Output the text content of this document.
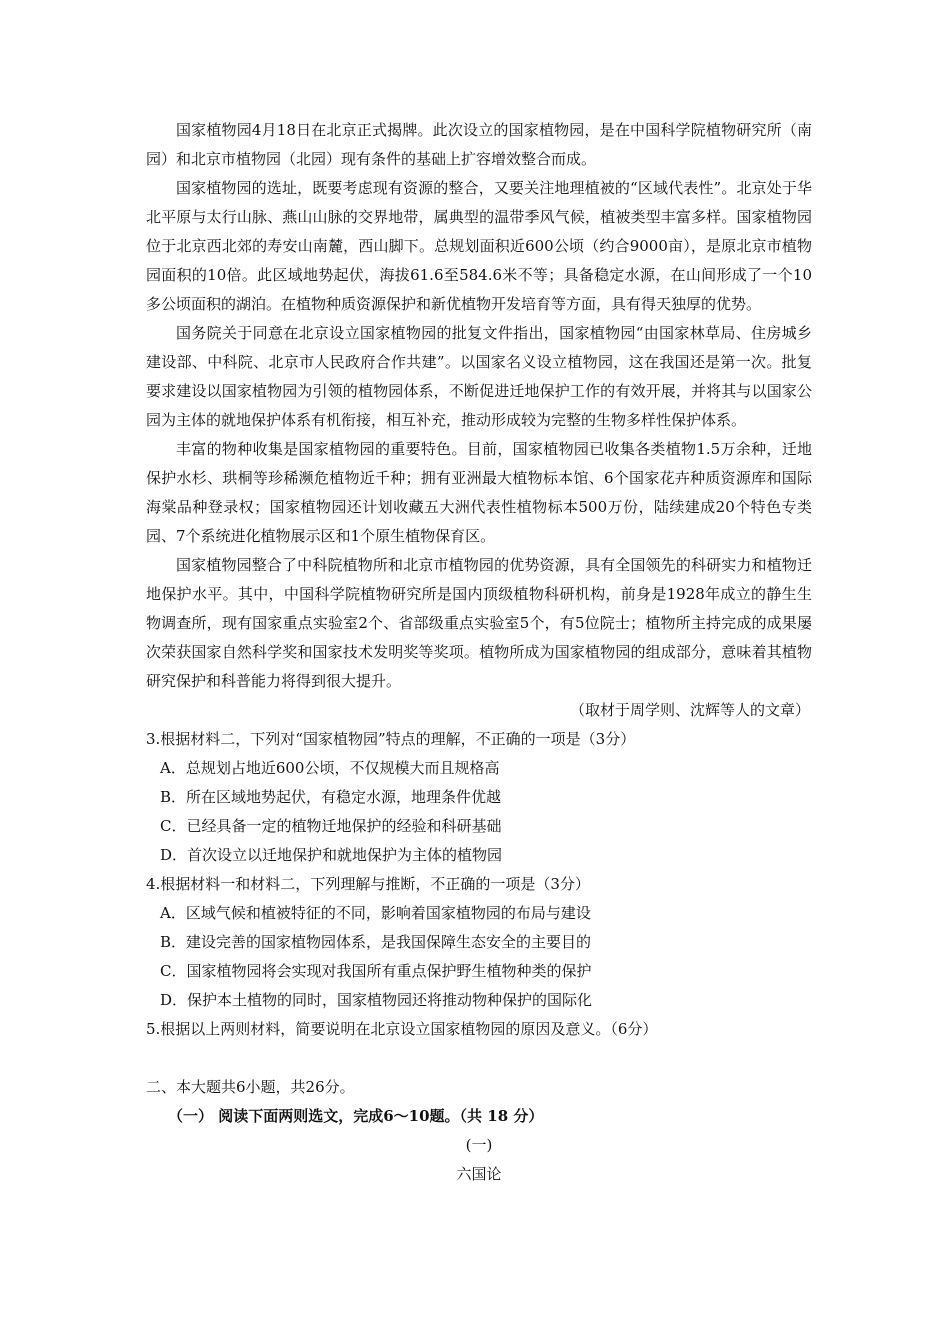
国家植物园4月18日在北京正式揭牌。此次设立的国家植物园，是在中国科学院植物研究所（南园）和北京市植物园（北园）现有条件的基础上扩容增效整合而成。

国家植物园的选址，既要考虑现有资源的整合，又要关注地理植被的“区域代表性”。北京处于华北平原与太行山脉、燕山山脉的交界地带，属典型的温带季风气候，植被类型丰富多样。国家植物园位于北京西北郊的寿安山南麓，西山脚下。总规划面积近600公顷（约合9000亩），是原北京市植物园面积的10倍。此区域地势起伏，海拔61.6至584.6米不等；具备稳定水源，在山间形成了一个10多公顷面积的湖泊。在植物种质资源保护和新优植物开发培育等方面，具有得天独厚的优势。

国务院关于同意在北京设立国家植物园的批复文件指出，国家植物园“由国家林草局、住房城乡建设部、中科院、北京市人民政府合作共建”。以国家名义设立植物园，这在我国还是第一次。批复要求建设以国家植物园为引领的植物园体系，不断促进迁地保护工作的有效开展，并将其与以国家公园为主体的就地保护体系有机衔接，相互补充，推动形成较为完整的生物多样性保护体系。

丰富的物种收集是国家植物园的重要特色。目前，国家植物园已收集各类植物1.5万余种，迁地保护水杉、珙桐等珍稀濒危植物近千种；拥有亚洲最大植物标本馆、6个国家花卉种质资源库和国际海棠品种登录权；国家植物园还计划收藏五大洲代表性植物标本500万份，陆续建成20个特色专类园、7个系统进化植物展示区和1个原生植物保育区。

国家植物园整合了中科院植物所和北京市植物园的优势资源，具有全国领先的科研实力和植物迁地保护水平。其中，中国科学院植物研究所是国内顶级植物科研机构，前身是1928年成立的静生生物调查所，现有国家重点实验室2个、省部级重点实验室5个，有5位院士；植物所主持完成的成果屡次荣获国家自然科学奖和国家技术发明奖等奖项。植物所成为国家植物园的组成部分，意味着其植物研究保护和科普能力将得到很大提升。

（取材于周学则、沈辉等人的文章）

3.根据材料二，下列对“国家植物园”特点的理解，不正确的一项是（3分）

A．总规划占地近600公顷，不仅规模大而且规格高

B．所在区域地势起伏，有稳定水源，地理条件优越

C．已经具备一定的植物迁地保护的经验和科研基础

D．首次设立以迁地保护和就地保护为主体的植物园

4.根据材料一和材料二，下列理解与推断，不正确的一项是（3分）

A．区域气候和植被特征的不同，影响着国家植物园的布局与建设

B．建设完善的国家植物园体系，是我国保障生态安全的主要目的

C．国家植物园将会实现对我国所有重点保护野生植物种类的保护

D．保护本土植物的同时，国家植物园还将推动物种保护的国际化

5.根据以上两则材料，简要说明在北京设立国家植物园的原因及意义。（6分）

二、本大题共6小题，共26分。

（一） 阅读下面两则选文，完成6～10题。（共 18 分）

(一)

六国论
